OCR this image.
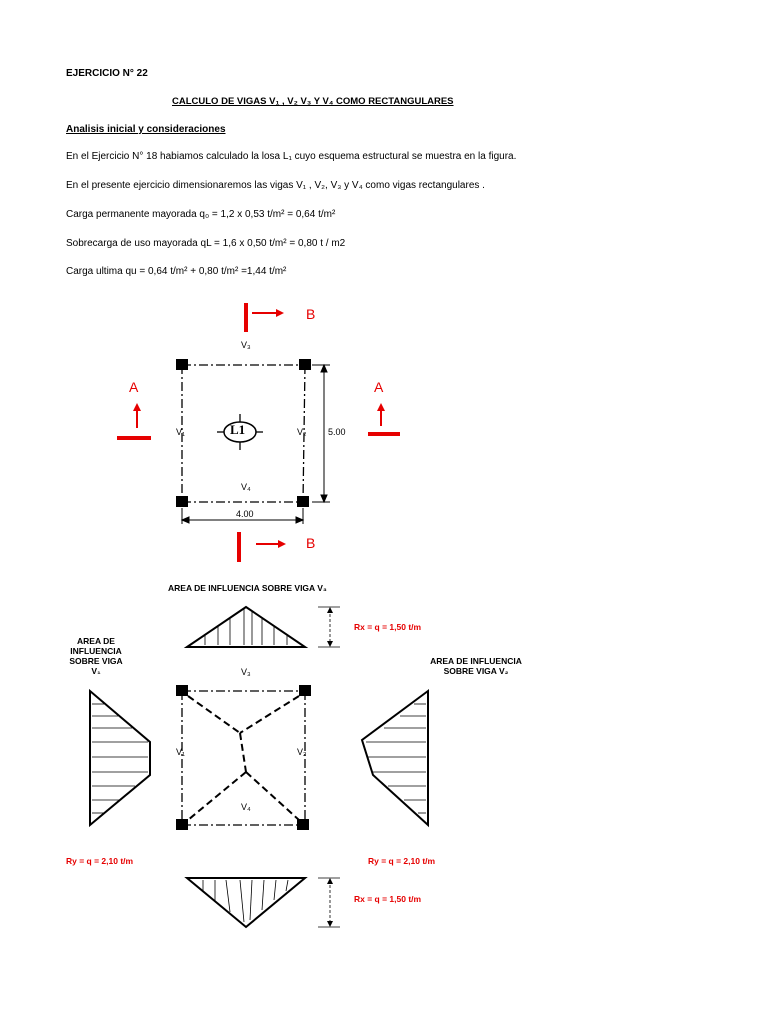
EJERCICIO N° 22
CALCULO DE VIGAS V₁ , V₂ V₃ Y V₄ COMO RECTANGULARES
Analisis inicial y consideraciones
En el Ejercicio N° 18 habiamos calculado la losa L₁ cuyo esquema estructural se muestra en la figura.
En el presente ejercicio dimensionaremos las vigas V₁ , V₂, V₃ y V₄ como vigas rectangulares .
Carga permanente mayorada q₀ = 1,2 x 0,53 t/m² = 0,64 t/m²
Sobrecarga de uso mayorada qL = 1,6 x 0,50 t/m² = 0,80 t / m2
Carga ultima qu = 0,64 t/m² + 0,80 t/m² =1,44 t/m²
B
B
A	A
V₃
V₁	V₂
V₄
L1	5.00
4.00
AREA DE INFLUENCIA SOBRE VIGA V₃
Rx = q = 1,50 t/m
Rx = q = 1,50 t/m
Ry = q = 2,10 t/m	Ry = q = 2,10 t/m
AREA DE
INFLUENCIA
SOBRE VIGA
V₁
AREA DE INFLUENCIA
SOBRE VIGA V₂
V₃
V₁	V₂
V₄
